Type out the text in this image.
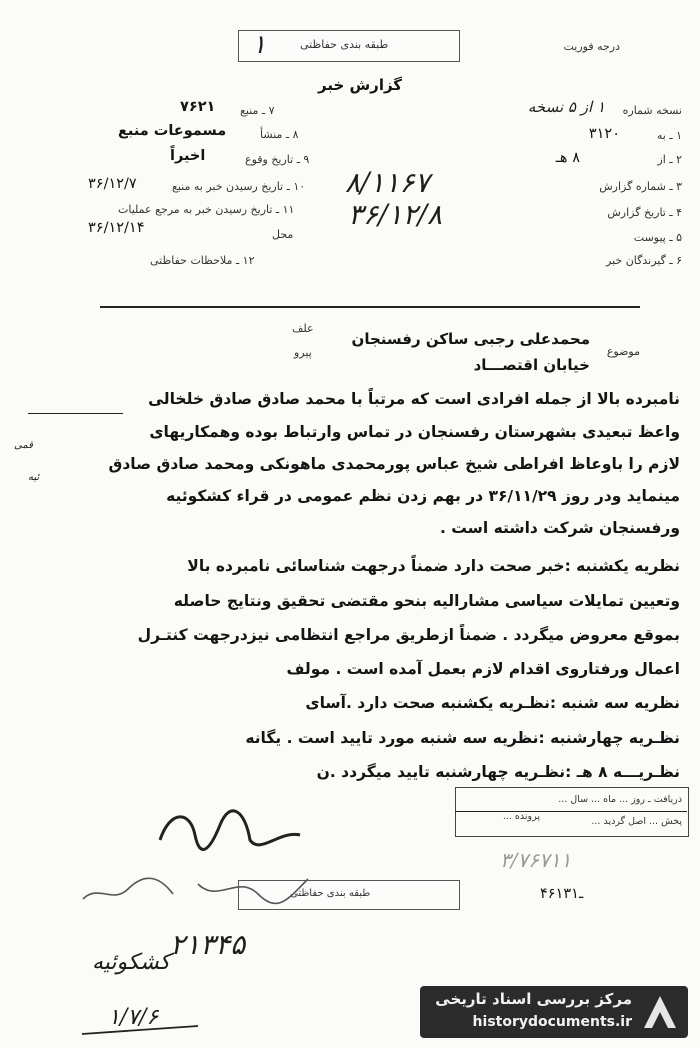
طبقه بندی حفاظتی
۱	درجه فوریت
گزارش خبر
نسخه شماره
۱ از ۵ نسخه
۱ ـ به
۳۱۲۰
۲ ـ از
۸ هـ
۳ ـ شماره گزارش
۸/۱۱۶۷
۴ ـ تاریخ گزارش
۳۶/۱۲/۸
۵ ـ پیوست
۶ ـ گیرندگان خبر
۷ ـ منبع
۷۶۲۱
۸ ـ منشأ
مسموعات منبع
۹ ـ تاریخ وقوع
اخیراً
۱۰ ـ تاریخ رسیدن خبر به منبع
۳۶/۱۲/۷
۱۱ ـ تاریخ رسیدن خبر به مرجع عملیات
محل
۳۶/۱۲/۱۴
۱۲ ـ ملاحظات حفاظتی
موضوع
علف
پیرو
محمدعلی رجبی ساکن رفسنجان
خیابان اقتصـــاد
نامبرده بالا از جمله افرادی است که مرتباً با محمد صادق صادق خلخالی
واعظ تبعیدی بشهرستان رفسنجان در تماس وارتباط بوده وهمکاریهای
قمی
لازم را باوعاظ افراطی شیخ عباس پورمحمدی ماهونکی ومحمد صادق صادق
ئیه
مینماید ودر روز ۳۶/۱۱/۲۹ در بهم زدن نظم عمومی در قراء کشکوئیه
ورفسنجان شرکت داشته است .
نظریه یکشنبه :خبر صحت دارد ضمناً درجهت شناسائی نامبرده بالا
وتعیین تمایلات سیاسی مشارالیه بنحو مقتضی تحقیق ونتایج حاصله
بموقع معروض میگردد . ضمناً ازطریق مراجع انتظامی نیزدرجهت کنتـرل
اعمال ورفتاروی اقدام لازم بعمل آمده است . مولف
نظریه سه شنبه :نظـریه یکشنبه صحت دارد .آسای
نظـریه چهارشنبه :نظریه سه شنبه مورد تایید است . یگانه
نظـریـــه ۸ هـ :نظـریه چهارشنبه تایید میگردد .ن
دریافت ـ روز ... ماه ... سال ...
پرونده ...	پخش ... اصل گردید ...
۳/۷۶۷۱۱
طبقه بندی حفاظتی	۴۶ـ۱۳۱
۲۱۳۴۵
کشکوئیه
۱/۷/۶
مرکز بررسی اسناد تاریخی
historydocuments.ir
